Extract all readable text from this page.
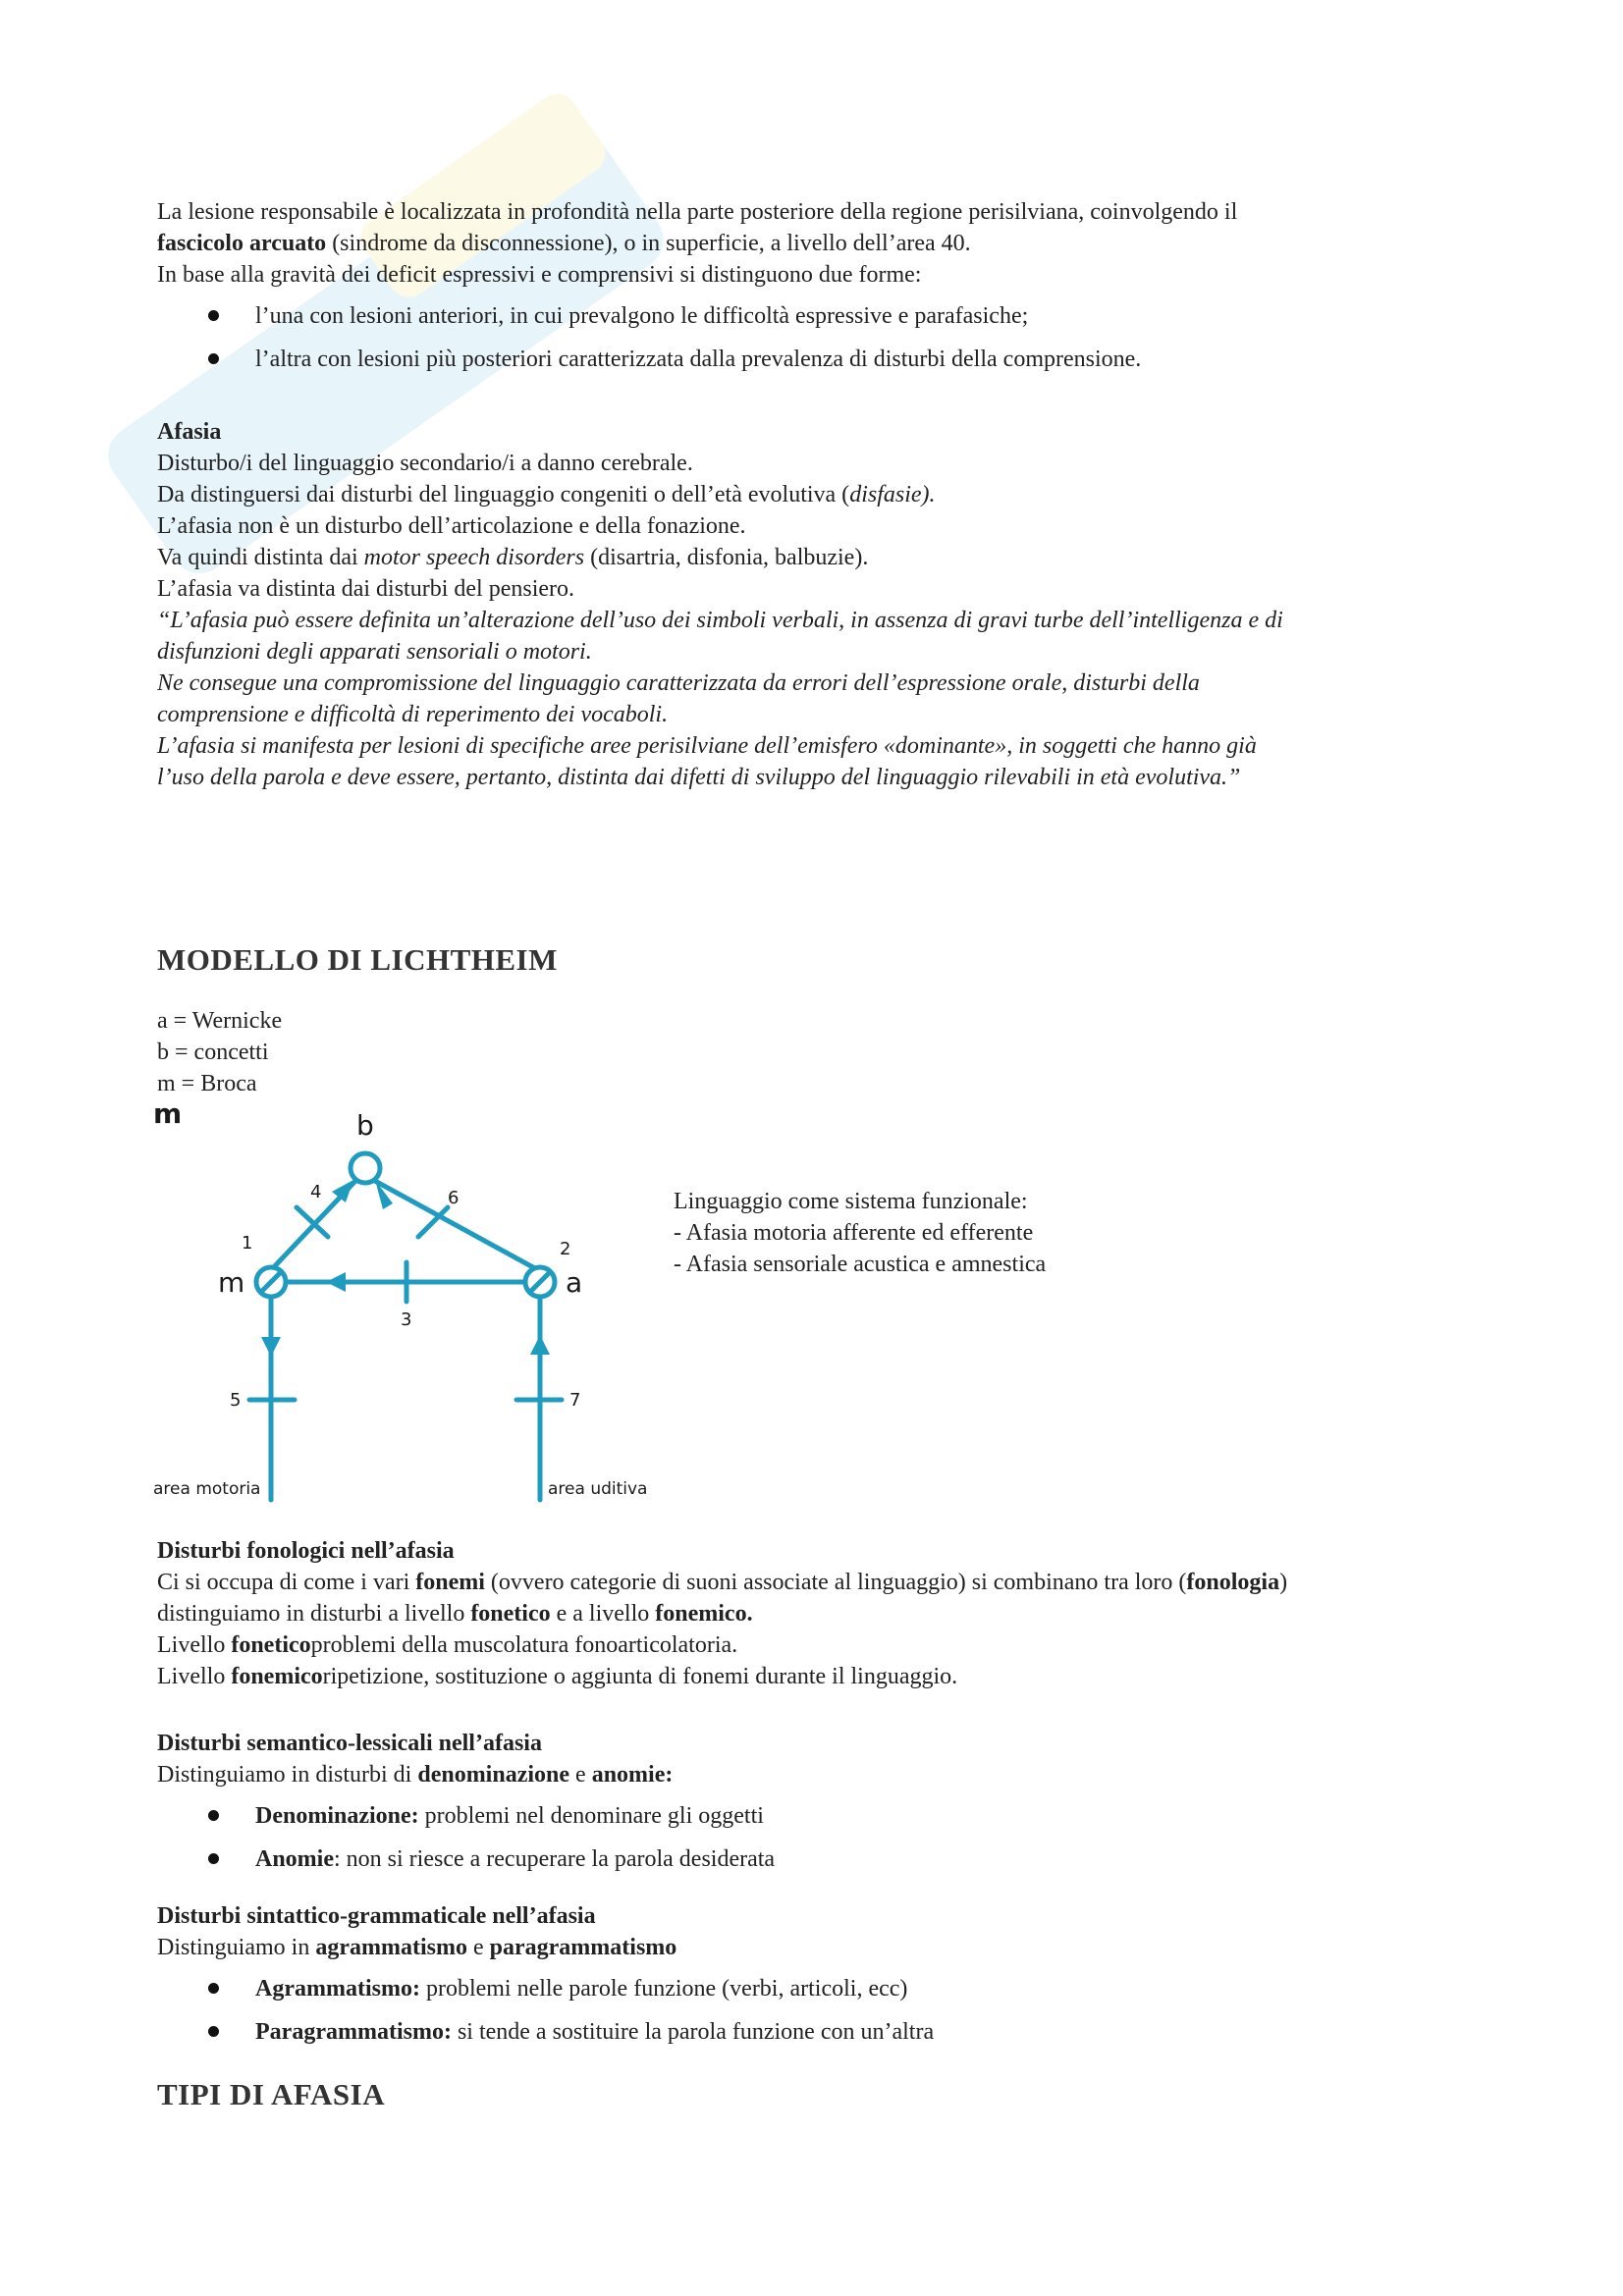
La lesione responsabile è localizzata in profondità nella parte posteriore della regione perisilviana, coinvolgendo il

fascicolo arcuato (sindrome da disconnessione), o in superficie, a livello dell’area 40.

In base alla gravità dei deficit espressivi e comprensivi si distinguono due forme:

l’una con lesioni anteriori, in cui prevalgono le difficoltà espressive e parafasiche;
l’altra con lesioni più posteriori caratterizzata dalla prevalenza di disturbi della comprensione.

Afasia

Disturbo/i del linguaggio secondario/i a danno cerebrale.

Da distinguersi dai disturbi del linguaggio congeniti o dell’età evolutiva (disfasie).

L’afasia non è un disturbo dell’articolazione e della fonazione.

Va quindi distinta dai motor speech disorders (disartria, disfonia, balbuzie).

L’afasia va distinta dai disturbi del pensiero.

“L’afasia può essere definita un’alterazione dell’uso dei simboli verbali, in assenza di gravi turbe dell’intelligenza e di

disfunzioni degli apparati sensoriali o motori.

Ne consegue una compromissione del linguaggio caratterizzata da errori dell’espressione orale, disturbi della

comprensione e difficoltà di reperimento dei vocaboli.

L’afasia si manifesta per lesioni di specifiche aree perisilviane dell’emisfero «dominante», in soggetti che hanno già

l’uso della parola e deve essere, pertanto, distinta dai difetti di sviluppo del linguaggio rilevabili in età evolutiva.”

MODELLO DI LICHTHEIM

a = Wernicke

b = concetti

m = Broca

m	b
m	a
1	2
3
4
5
6
7
area motoria	area uditiva

Linguaggio come sistema funzionale:

- Afasia motoria afferente ed efferente

- Afasia sensoriale acustica e amnestica

Disturbi fonologici nell’afasia

Ci si occupa di come i vari fonemi (ovvero categorie di suoni associate al linguaggio) si combinano tra loro (fonologia)

distinguiamo in disturbi a livello fonetico e a livello fonemico.

Livello foneticoproblemi della muscolatura fonoarticolatoria.

Livello fonemicoripetizione, sostituzione o aggiunta di fonemi durante il linguaggio.

Disturbi semantico-lessicali nell’afasia

Distinguiamo in disturbi di denominazione e anomie:

Denominazione: problemi nel denominare gli oggetti
Anomie: non si riesce a recuperare la parola desiderata

Disturbi sintattico-grammaticale nell’afasia

Distinguiamo in agrammatismo e paragrammatismo

Agrammatismo: problemi nelle parole funzione (verbi, articoli, ecc)
Paragrammatismo: si tende a sostituire la parola funzione con un’altra
TIPI DI AFASIA
